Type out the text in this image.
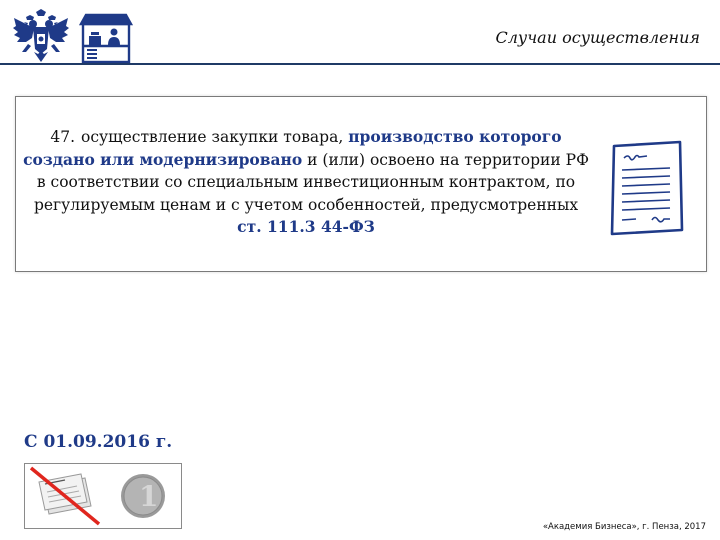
Случаи осуществления
47. осуществление закупки товара, производство которого создано или модернизировано и (или) освоено на территории РФ в соответствии со специальным инвестиционным контрактом, по регулируемым ценам и с учетом особенностей, предусмотренных ст. 111.3 44-ФЗ
С 01.09.2016 г.
1
«Академия Бизнеса», г. Пенза, 2017
